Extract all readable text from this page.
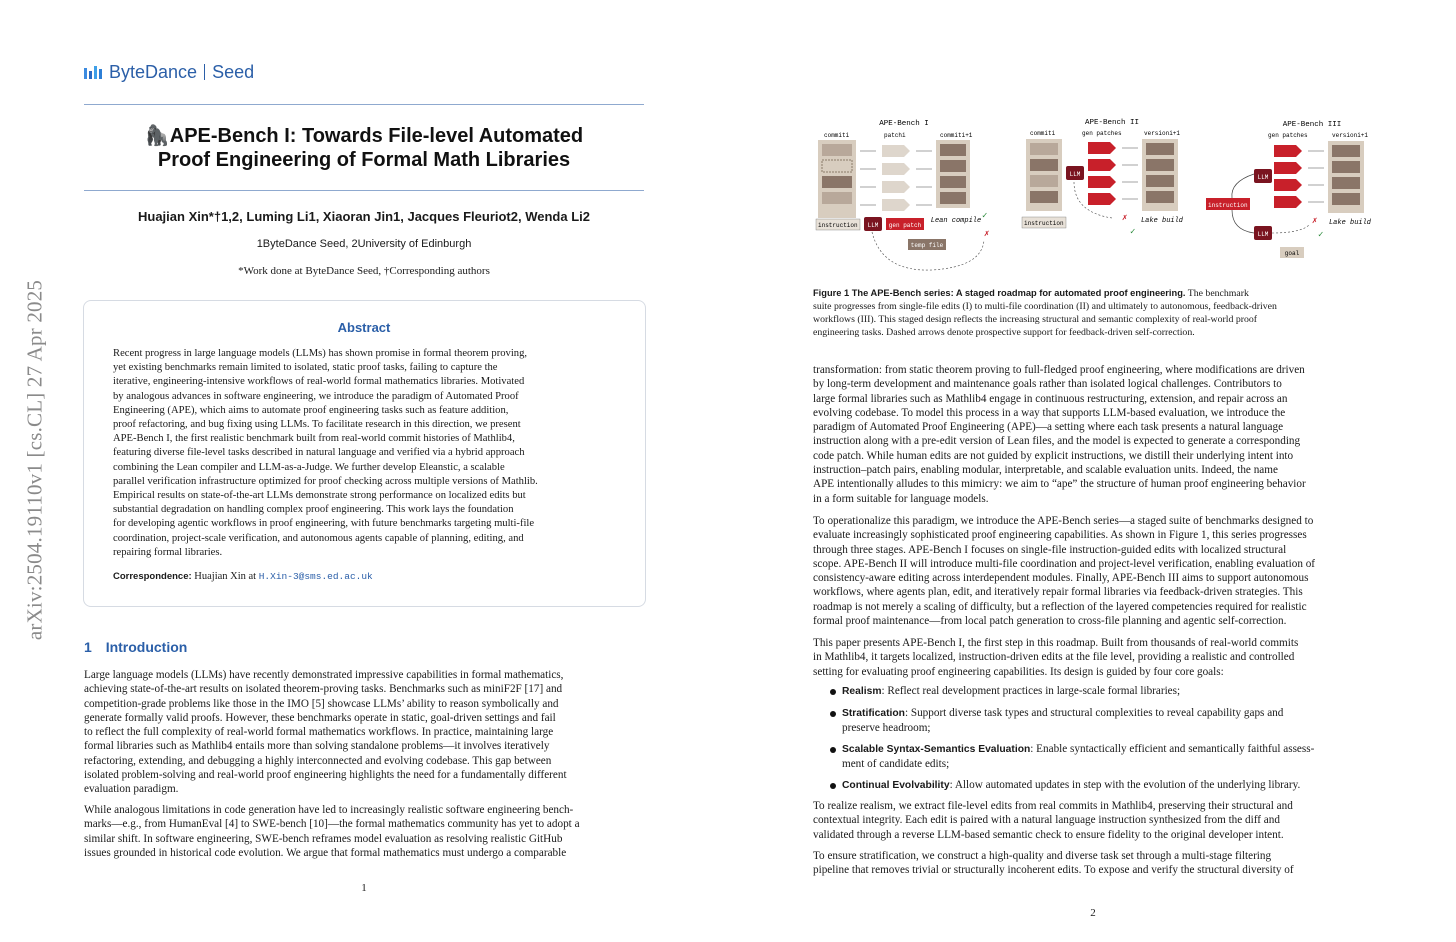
arXiv:2504.19110v1 [cs.CL] 27 Apr 2025
ByteDance Seed
🦍APE-Bench I: Towards File-level Automated
Proof Engineering of Formal Math Libraries
Huajian Xin*†1,2, Luming Li1, Xiaoran Jin1, Jacques Fleuriot2, Wenda Li2
1ByteDance Seed, 2University of Edinburgh
*Work done at ByteDance Seed, †Corresponding authors
Abstract
Recent progress in large language models (LLMs) has shown promise in formal theorem proving,
yet existing benchmarks remain limited to isolated, static proof tasks, failing to capture the
iterative, engineering-intensive workflows of real-world formal mathematics libraries. Motivated
by analogous advances in software engineering, we introduce the paradigm of Automated Proof
Engineering (APE), which aims to automate proof engineering tasks such as feature addition,
proof refactoring, and bug fixing using LLMs. To facilitate research in this direction, we present
APE-Bench I, the first realistic benchmark built from real-world commit histories of Mathlib4,
featuring diverse file-level tasks described in natural language and verified via a hybrid approach
combining the Lean compiler and LLM-as-a-Judge. We further develop Eleanstic, a scalable
parallel verification infrastructure optimized for proof checking across multiple versions of Mathlib.
Empirical results on state-of-the-art LLMs demonstrate strong performance on localized edits but
substantial degradation on handling complex proof engineering. This work lays the foundation
for developing agentic workflows in proof engineering, with future benchmarks targeting multi-file
coordination, project-scale verification, and autonomous agents capable of planning, editing, and
repairing formal libraries.
Correspondence: Huajian Xin at H.Xin-3@sms.ed.ac.uk
1 Introduction
Large language models (LLMs) have recently demonstrated impressive capabilities in formal mathematics,
achieving state-of-the-art results on isolated theorem-proving tasks. Benchmarks such as miniF2F [17] and
competition-grade problems like those in the IMO [5] showcase LLMs’ ability to reason symbolically and
generate formally valid proofs. However, these benchmarks operate in static, goal-driven settings and fail
to reflect the full complexity of real-world formal mathematics workflows. In practice, maintaining large
formal libraries such as Mathlib4 entails more than solving standalone problems—it involves iteratively
refactoring, extending, and debugging a highly interconnected and evolving codebase. This gap between
isolated problem-solving and real-world proof engineering highlights the need for a fundamentally different
evaluation paradigm.
While analogous limitations in code generation have led to increasingly realistic software engineering bench-
marks—e.g., from HumanEval [4] to SWE-bench [10]—the formal mathematics community has yet to adopt a
similar shift. In software engineering, SWE-bench reframes model evaluation as resolving realistic GitHub
issues grounded in historical code evolution. We argue that formal mathematics must undergo a comparable
1
APE-Bench I
commiti	patchi	commiti+1
instruction LLM gen patch
temp file
Lean compile ✓
✗
APE-Bench II
commiti	gen patches	versioni+1
LLM
instruction	Lake build
✗
✓
APE-Bench III
gen patches	versioni+1
LLM
instruction
LLM
goal
Lake build
✗
✓
Figure 1 The APE-Bench series: A staged roadmap for automated proof engineering. The benchmark
suite progresses from single-file edits (I) to multi-file coordination (II) and ultimately to autonomous, feedback-driven
workflows (III). This staged design reflects the increasing structural and semantic complexity of real-world proof
engineering tasks. Dashed arrows denote prospective support for feedback-driven self-correction.
transformation: from static theorem proving to full-fledged proof engineering, where modifications are driven
by long-term development and maintenance goals rather than isolated logical challenges. Contributors to
large formal libraries such as Mathlib4 engage in continuous restructuring, extension, and repair across an
evolving codebase. To model this process in a way that supports LLM-based evaluation, we introduce the
paradigm of Automated Proof Engineering (APE)—a setting where each task presents a natural language
instruction along with a pre-edit version of Lean files, and the model is expected to generate a corresponding
code patch. While human edits are not guided by explicit instructions, we distill their underlying intent into
instruction–patch pairs, enabling modular, interpretable, and scalable evaluation units. Indeed, the name
APE intentionally alludes to this mimicry: we aim to “ape” the structure of human proof engineering behavior
in a form suitable for language models.
To operationalize this paradigm, we introduce the APE-Bench series—a staged suite of benchmarks designed to
evaluate increasingly sophisticated proof engineering capabilities. As shown in Figure 1, this series progresses
through three stages. APE-Bench I focuses on single-file instruction-guided edits with localized structural
scope. APE-Bench II will introduce multi-file coordination and project-level verification, enabling evaluation of
consistency-aware editing across interdependent modules. Finally, APE-Bench III aims to support autonomous
workflows, where agents plan, edit, and iteratively repair formal libraries via feedback-driven strategies. This
roadmap is not merely a scaling of difficulty, but a reflection of the layered competencies required for realistic
formal proof maintenance—from local patch generation to cross-file planning and agentic self-correction.
This paper presents APE-Bench I, the first step in this roadmap. Built from thousands of real-world commits
in Mathlib4, it targets localized, instruction-driven edits at the file level, providing a realistic and controlled
setting for evaluating proof engineering capabilities. Its design is guided by four core goals:
Realism: Reflect real development practices in large-scale formal libraries;
Stratification: Support diverse task types and structural complexities to reveal capability gaps and
preserve headroom;
Scalable Syntax-Semantics Evaluation: Enable syntactically efficient and semantically faithful assess-
ment of candidate edits;
Continual Evolvability: Allow automated updates in step with the evolution of the underlying library.
To realize realism, we extract file-level edits from real commits in Mathlib4, preserving their structural and
contextual integrity. Each edit is paired with a natural language instruction synthesized from the diff and
validated through a reverse LLM-based semantic check to ensure fidelity to the original developer intent.
To ensure stratification, we construct a high-quality and diverse task set through a multi-stage filtering
pipeline that removes trivial or structurally incoherent edits. To expose and verify the structural diversity of
2
